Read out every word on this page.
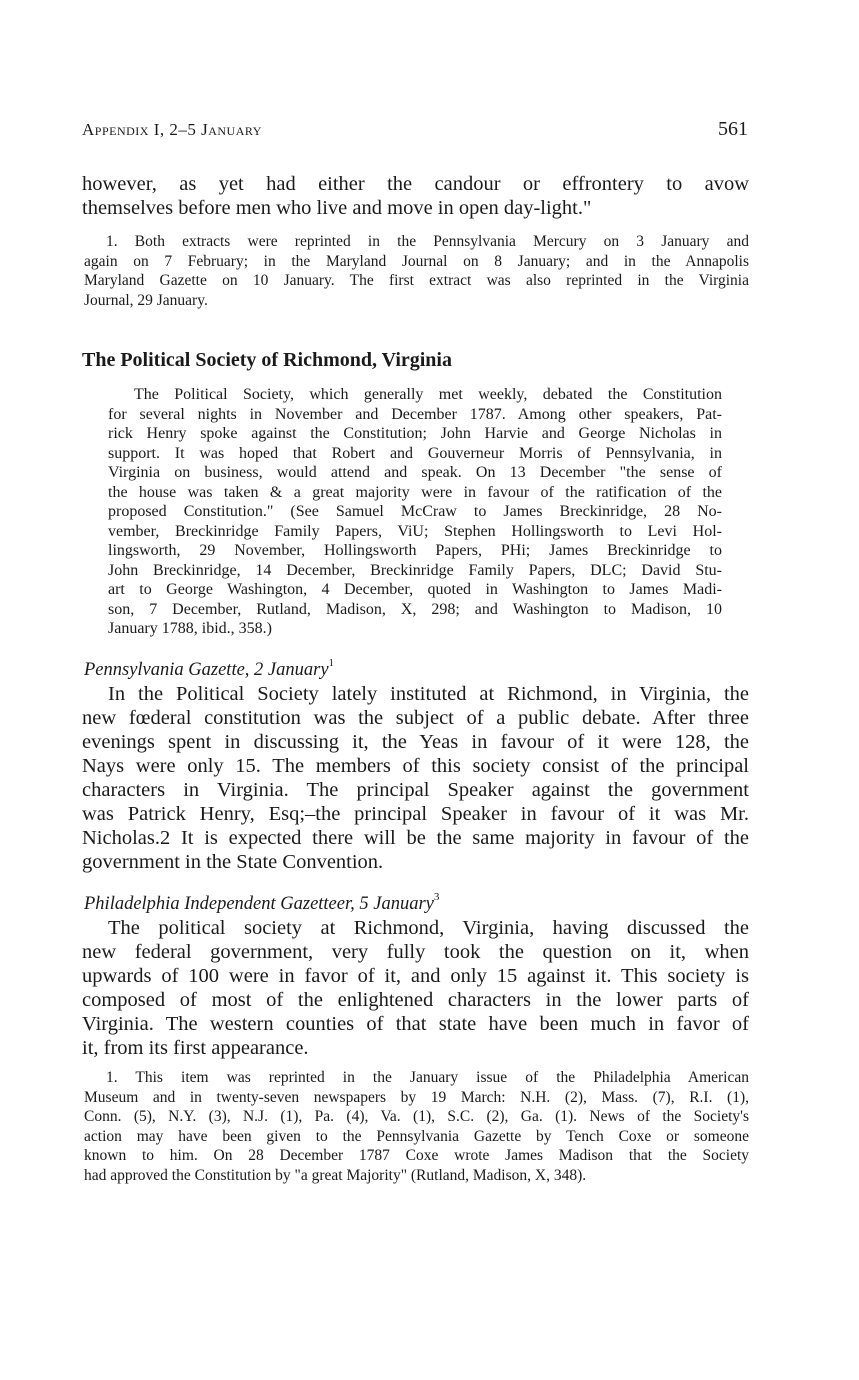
Appendix I, 2–5 January	561
however, as yet had either the candour or effrontery to avow
themselves before men who live and move in open day-light."
1. Both extracts were reprinted in the Pennsylvania Mercury on 3 January and
again on 7 February; in the Maryland Journal on 8 January; and in the Annapolis
Maryland Gazette on 10 January. The first extract was also reprinted in the Virginia
Journal, 29 January.
The Political Society of Richmond, Virginia
The Political Society, which generally met weekly, debated the Constitution
for several nights in November and December 1787. Among other speakers, Pat-
rick Henry spoke against the Constitution; John Harvie and George Nicholas in
support. It was hoped that Robert and Gouverneur Morris of Pennsylvania, in
Virginia on business, would attend and speak. On 13 December "the sense of
the house was taken & a great majority were in favour of the ratification of the
proposed Constitution." (See Samuel McCraw to James Breckinridge, 28 No-
vember, Breckinridge Family Papers, ViU; Stephen Hollingsworth to Levi Hol-
lingsworth, 29 November, Hollingsworth Papers, PHi; James Breckinridge to
John Breckinridge, 14 December, Breckinridge Family Papers, DLC; David Stu-
art to George Washington, 4 December, quoted in Washington to James Madi-
son, 7 December, Rutland, Madison, X, 298; and Washington to Madison, 10
January 1788, ibid., 358.)
Pennsylvania Gazette, 2 January$^1$
In the Political Society lately instituted at Richmond, in Virginia, the
new fœderal constitution was the subject of a public debate. After three
evenings spent in discussing it, the Yeas in favour of it were 128, the
Nays were only 15. The members of this society consist of the principal
characters in Virginia. The principal Speaker against the government
was Patrick Henry, Esq;–the principal Speaker in favour of it was Mr.
Nicholas.2 It is expected there will be the same majority in favour of the
government in the State Convention.
Philadelphia Independent Gazetteer, 5 January$^3$
The political society at Richmond, Virginia, having discussed the
new federal government, very fully took the question on it, when
upwards of 100 were in favor of it, and only 15 against it. This society is
composed of most of the enlightened characters in the lower parts of
Virginia. The western counties of that state have been much in favor of
it, from its first appearance.
1. This item was reprinted in the January issue of the Philadelphia American
Museum and in twenty-seven newspapers by 19 March: N.H. (2), Mass. (7), R.I. (1),
Conn. (5), N.Y. (3), N.J. (1), Pa. (4), Va. (1), S.C. (2), Ga. (1). News of the Society's
action may have been given to the Pennsylvania Gazette by Tench Coxe or someone
known to him. On 28 December 1787 Coxe wrote James Madison that the Society
had approved the Constitution by "a great Majority" (Rutland, Madison, X, 348).
